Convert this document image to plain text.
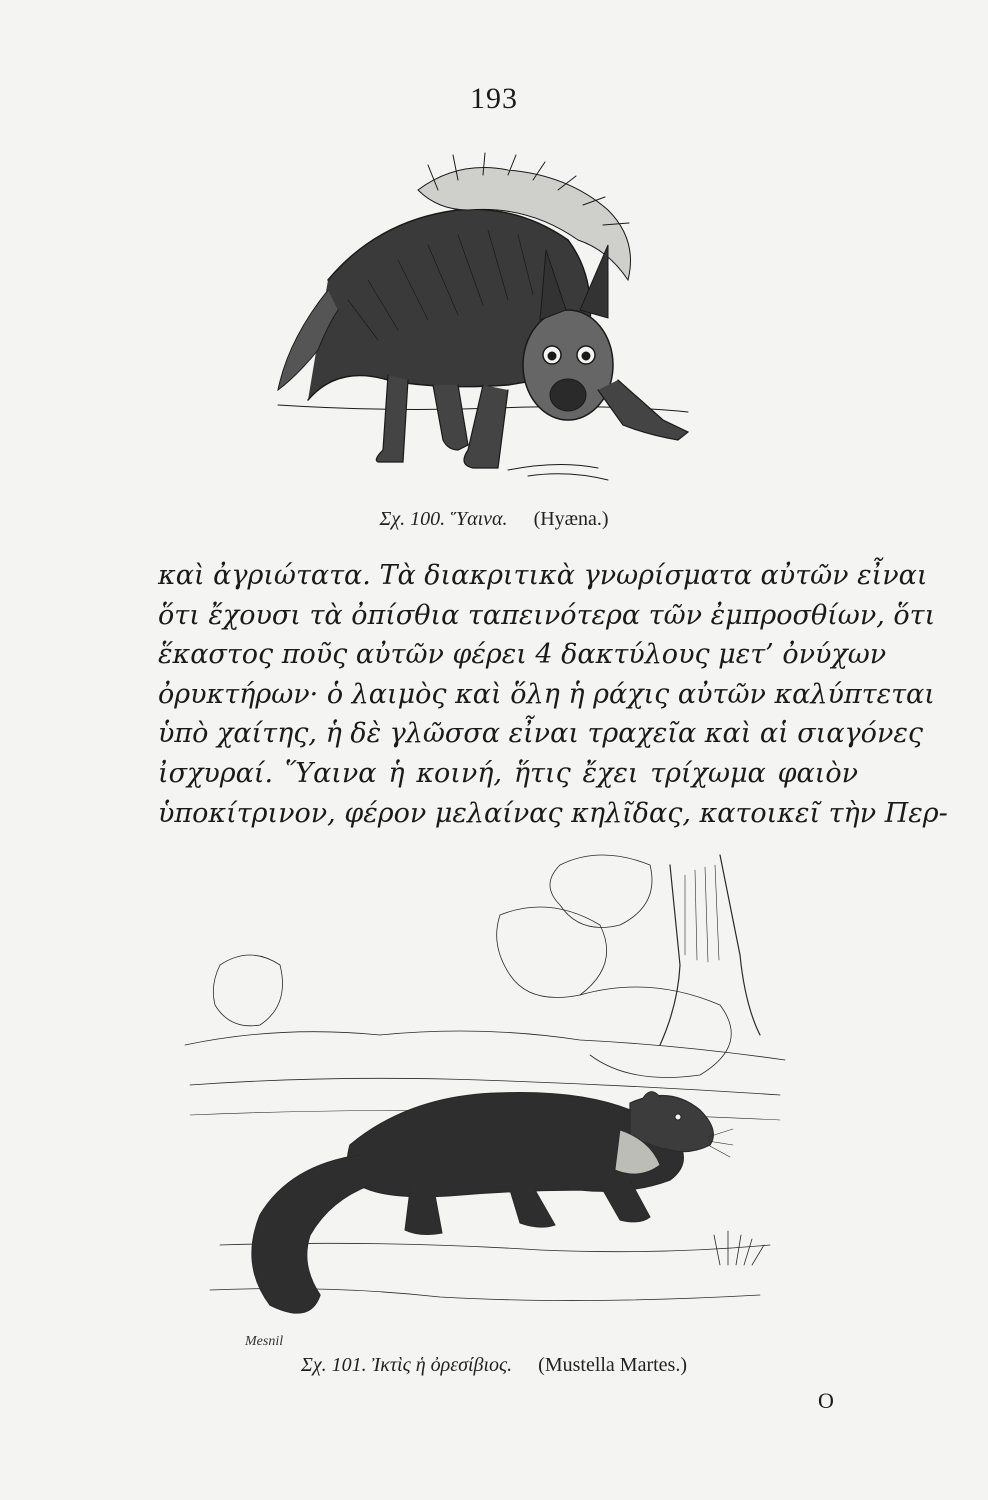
193
Σχ. 100. Ὕαινα. (Hyæna.)
καὶ ἀγριώτατα. Τὰ διακριτικὰ γνωρίσματα αὐτῶν εἶναι
ὅτι ἔχουσι τὰ ὀπίσθια ταπεινότερα τῶν ἐμπροσθίων, ὅτι
ἕκαστος ποῦς αὐτῶν φέρει 4 δακτύλους μετ’ ὀνύχων
ὀρυκτήρων· ὁ λαιμὸς καὶ ὅλη ἡ ράχις αὐτῶν καλύπτεται
ὑπὸ χαίτης, ἡ δὲ γλῶσσα εἶναι τραχεῖα καὶ αἱ σιαγόνες
ἰσχυραί. Ὕαινα ἡ κοινή, ἥτις ἔχει τρίχωμα φαιὸν
ὑποκίτρινον, φέρον μελαίνας κηλῖδας, κατοικεῖ τὴν Περ-
Mesnil
Σχ. 101. Ἰκτὶς ἡ ὀρεσίβιος. (Mustella Martes.)
O
